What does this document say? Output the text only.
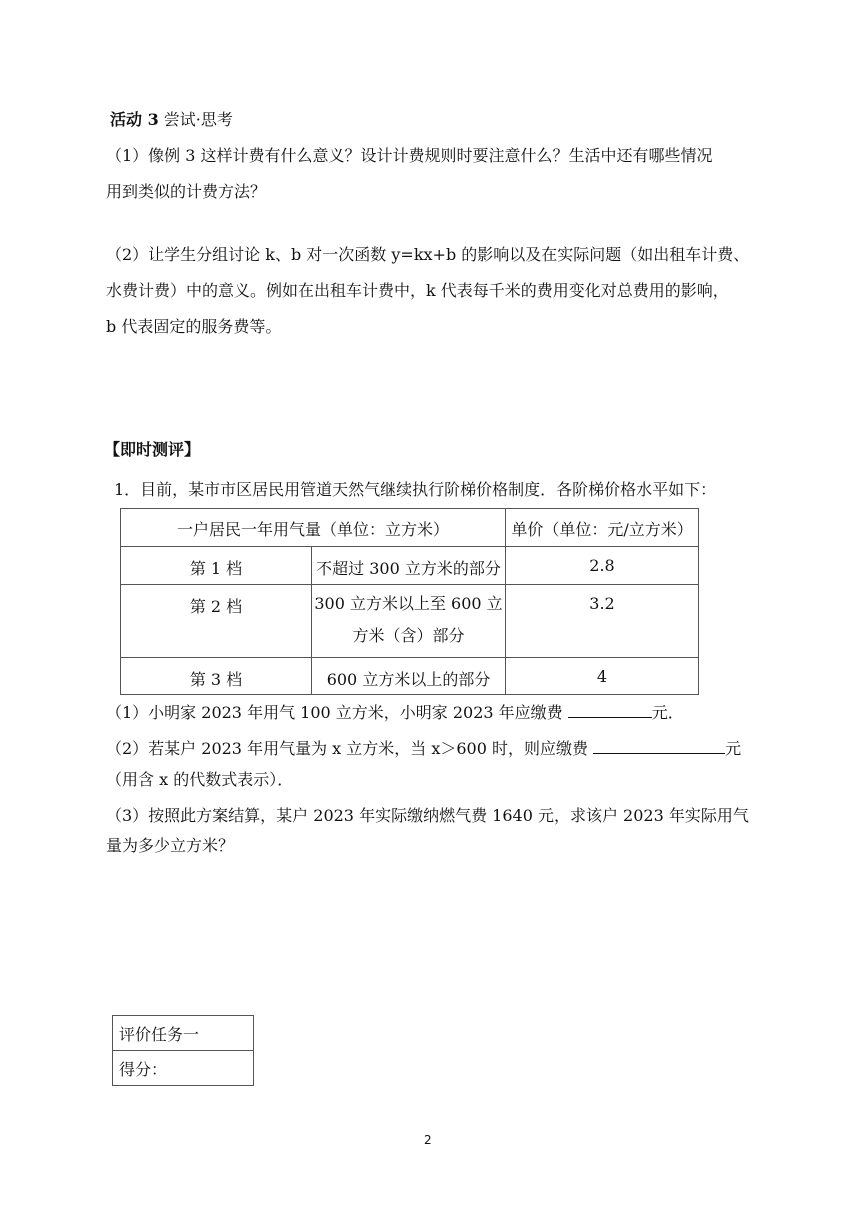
活动 3 尝试·思考
（1）像例 3 这样计费有什么意义？设计计费规则时要注意什么？生活中还有哪些情况
用到类似的计费方法？
（2）让学生分组讨论 k、b 对一次函数 y=kx+b 的影响以及在实际问题（如出租车计费、
水费计费）中的意义。例如在出租车计费中，k 代表每千米的费用变化对总费用的影响，
b 代表固定的服务费等。
【即时测评】
1．目前，某市市区居民用管道天然气继续执行阶梯价格制度．各阶梯价格水平如下：
一户居民一年用气量（单位：立方米）		单价（单位：元/立方米）
第 1 档	不超过 300 立方米的部分	2.8
第 2 档	300 立方米以上至 600 立
方米（含）部分	3.2
第 3 档	600 立方米以上的部分	4
（1）小明家 2023 年用气 100 立方米，小明家 2023 年应缴费	元．
（2）若某户 2023 年用气量为 x 立方米，当 x＞600 时，则应缴费	元
（用含 x 的代数式表示）．
（3）按照此方案结算，某户 2023 年实际缴纳燃气费 1640 元，求该户 2023 年实际用气
量为多少立方米？
评价任务一
得分：
2
